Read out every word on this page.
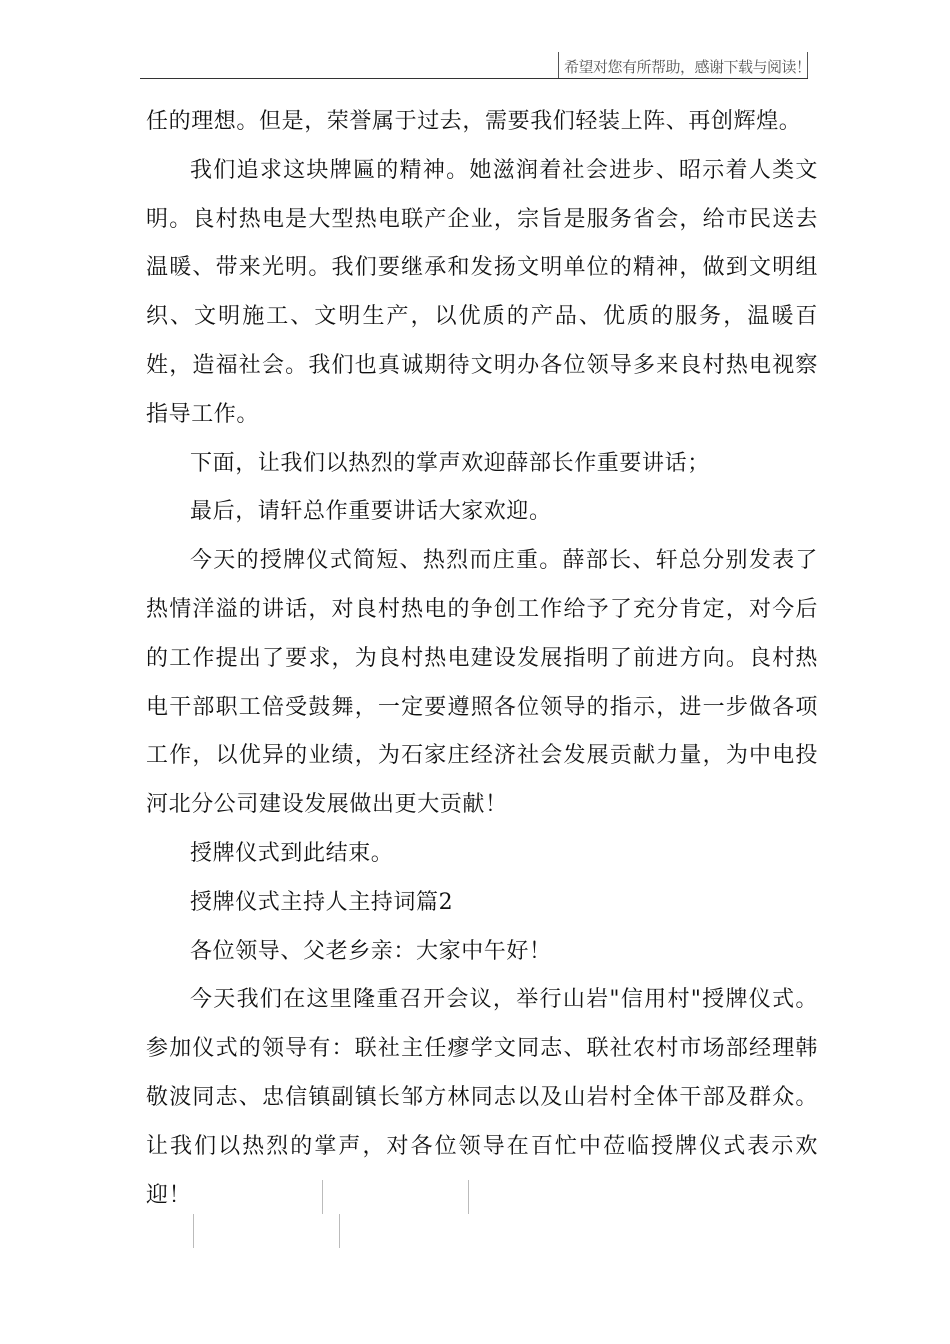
希望对您有所帮助，感谢下载与阅读！

任的理想。但是，荣誉属于过去，需要我们轻装上阵、再创辉煌。

我们追求这块牌匾的精神。她滋润着社会进步、昭示着人类文明。良村热电是大型热电联产企业，宗旨是服务省会，给市民送去温暖、带来光明。我们要继承和发扬文明单位的精神，做到文明组织、文明施工、文明生产，以优质的产品、优质的服务，温暖百姓，造福社会。我们也真诚期待文明办各位领导多来良村热电视察指导工作。

下面，让我们以热烈的掌声欢迎薛部长作重要讲话；

最后，请轩总作重要讲话大家欢迎。

今天的授牌仪式简短、热烈而庄重。薛部长、轩总分别发表了热情洋溢的讲话，对良村热电的争创工作给予了充分肯定，对今后的工作提出了要求，为良村热电建设发展指明了前进方向。良村热电干部职工倍受鼓舞，一定要遵照各位领导的指示，进一步做各项工作，以优异的业绩，为石家庄经济社会发展贡献力量，为中电投河北分公司建设发展做出更大贡献！

授牌仪式到此结束。

授牌仪式主持人主持词篇2

各位领导、父老乡亲：大家中午好！

今天我们在这里隆重召开会议，举行山岩"信用村"授牌仪式。参加仪式的领导有：联社主任瘳学文同志、联社农村市场部经理韩敬波同志、忠信镇副镇长邹方林同志以及山岩村全体干部及群众。让我们以热烈的掌声，对各位领导在百忙中莅临授牌仪式表示欢迎！
